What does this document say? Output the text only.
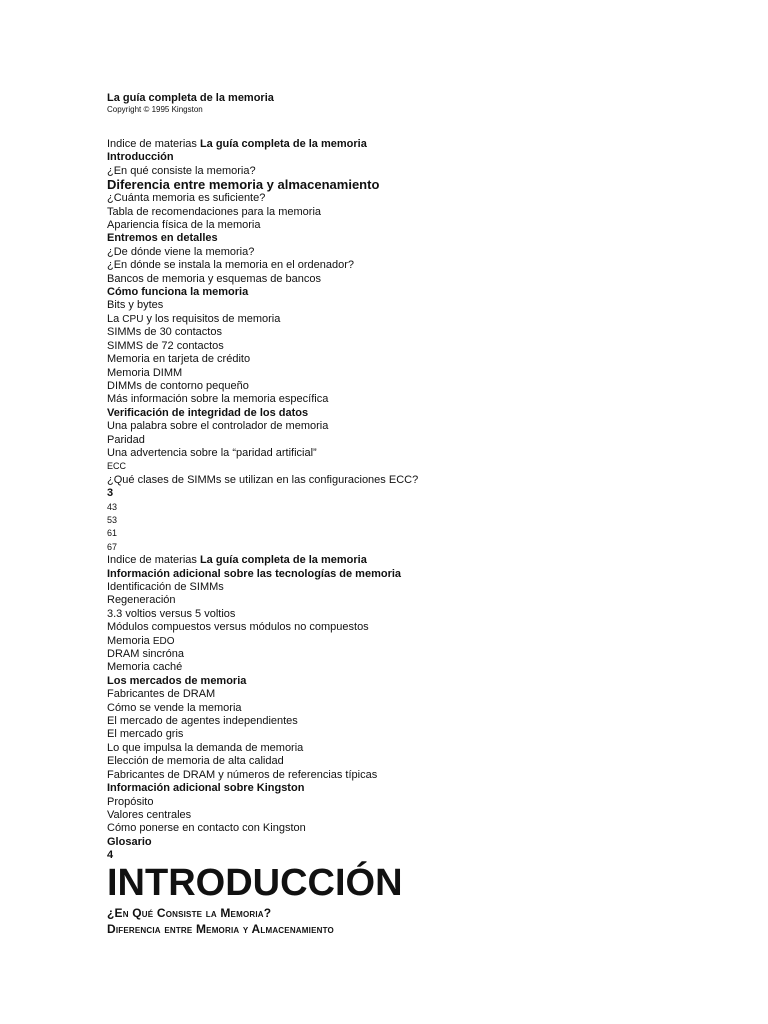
La guía completa de la memoria
Copyright © 1995 Kingston
Indice de materias La guía completa de la memoria
Introducción
¿En qué consiste la memoria?
Diferencia entre memoria y almacenamiento
¿Cuánta memoria es suficiente?
Tabla de recomendaciones para la memoria
Apariencia física de la memoria
Entremos en detalles
¿De dónde viene la memoria?
¿En dónde se instala la memoria en el ordenador?
Bancos de memoria y esquemas de bancos
Cómo funciona la memoria
Bits y bytes
La CPU y los requisitos de memoria
SIMMs de 30 contactos
SIMMS de 72 contactos
Memoria en tarjeta de crédito
Memoria DIMM
DIMMs de contorno pequeño
Más información sobre la memoria específica
Verificación de integridad de los datos
Una palabra sobre el controlador de memoria
Paridad
Una advertencia sobre la “paridad artificial”
ECC
¿Qué clases de SIMMs se utilizan en las configuraciones ECC?
3
43
53
61
67
Indice de materias La guía completa de la memoria
Información adicional sobre las tecnologías de memoria
Identificación de SIMMs
Regeneración
3.3 voltios versus 5 voltios
Módulos compuestos versus módulos no compuestos
Memoria EDO
DRAM sincróna
Memoria caché
Los mercados de memoria
Fabricantes de DRAM
Cómo se vende la memoria
El mercado de agentes independientes
El mercado gris
Lo que impulsa la demanda de memoria
Elección de memoria de alta calidad
Fabricantes de DRAM y números de referencias típicas
Información adicional sobre Kingston
Propósito
Valores centrales
Cómo ponerse en contacto con Kingston
Glosario
4
INTRODUCCIÓN
¿En Qué Consiste la Memoria?
Diferencia entre Memoria y Almacenamiento
